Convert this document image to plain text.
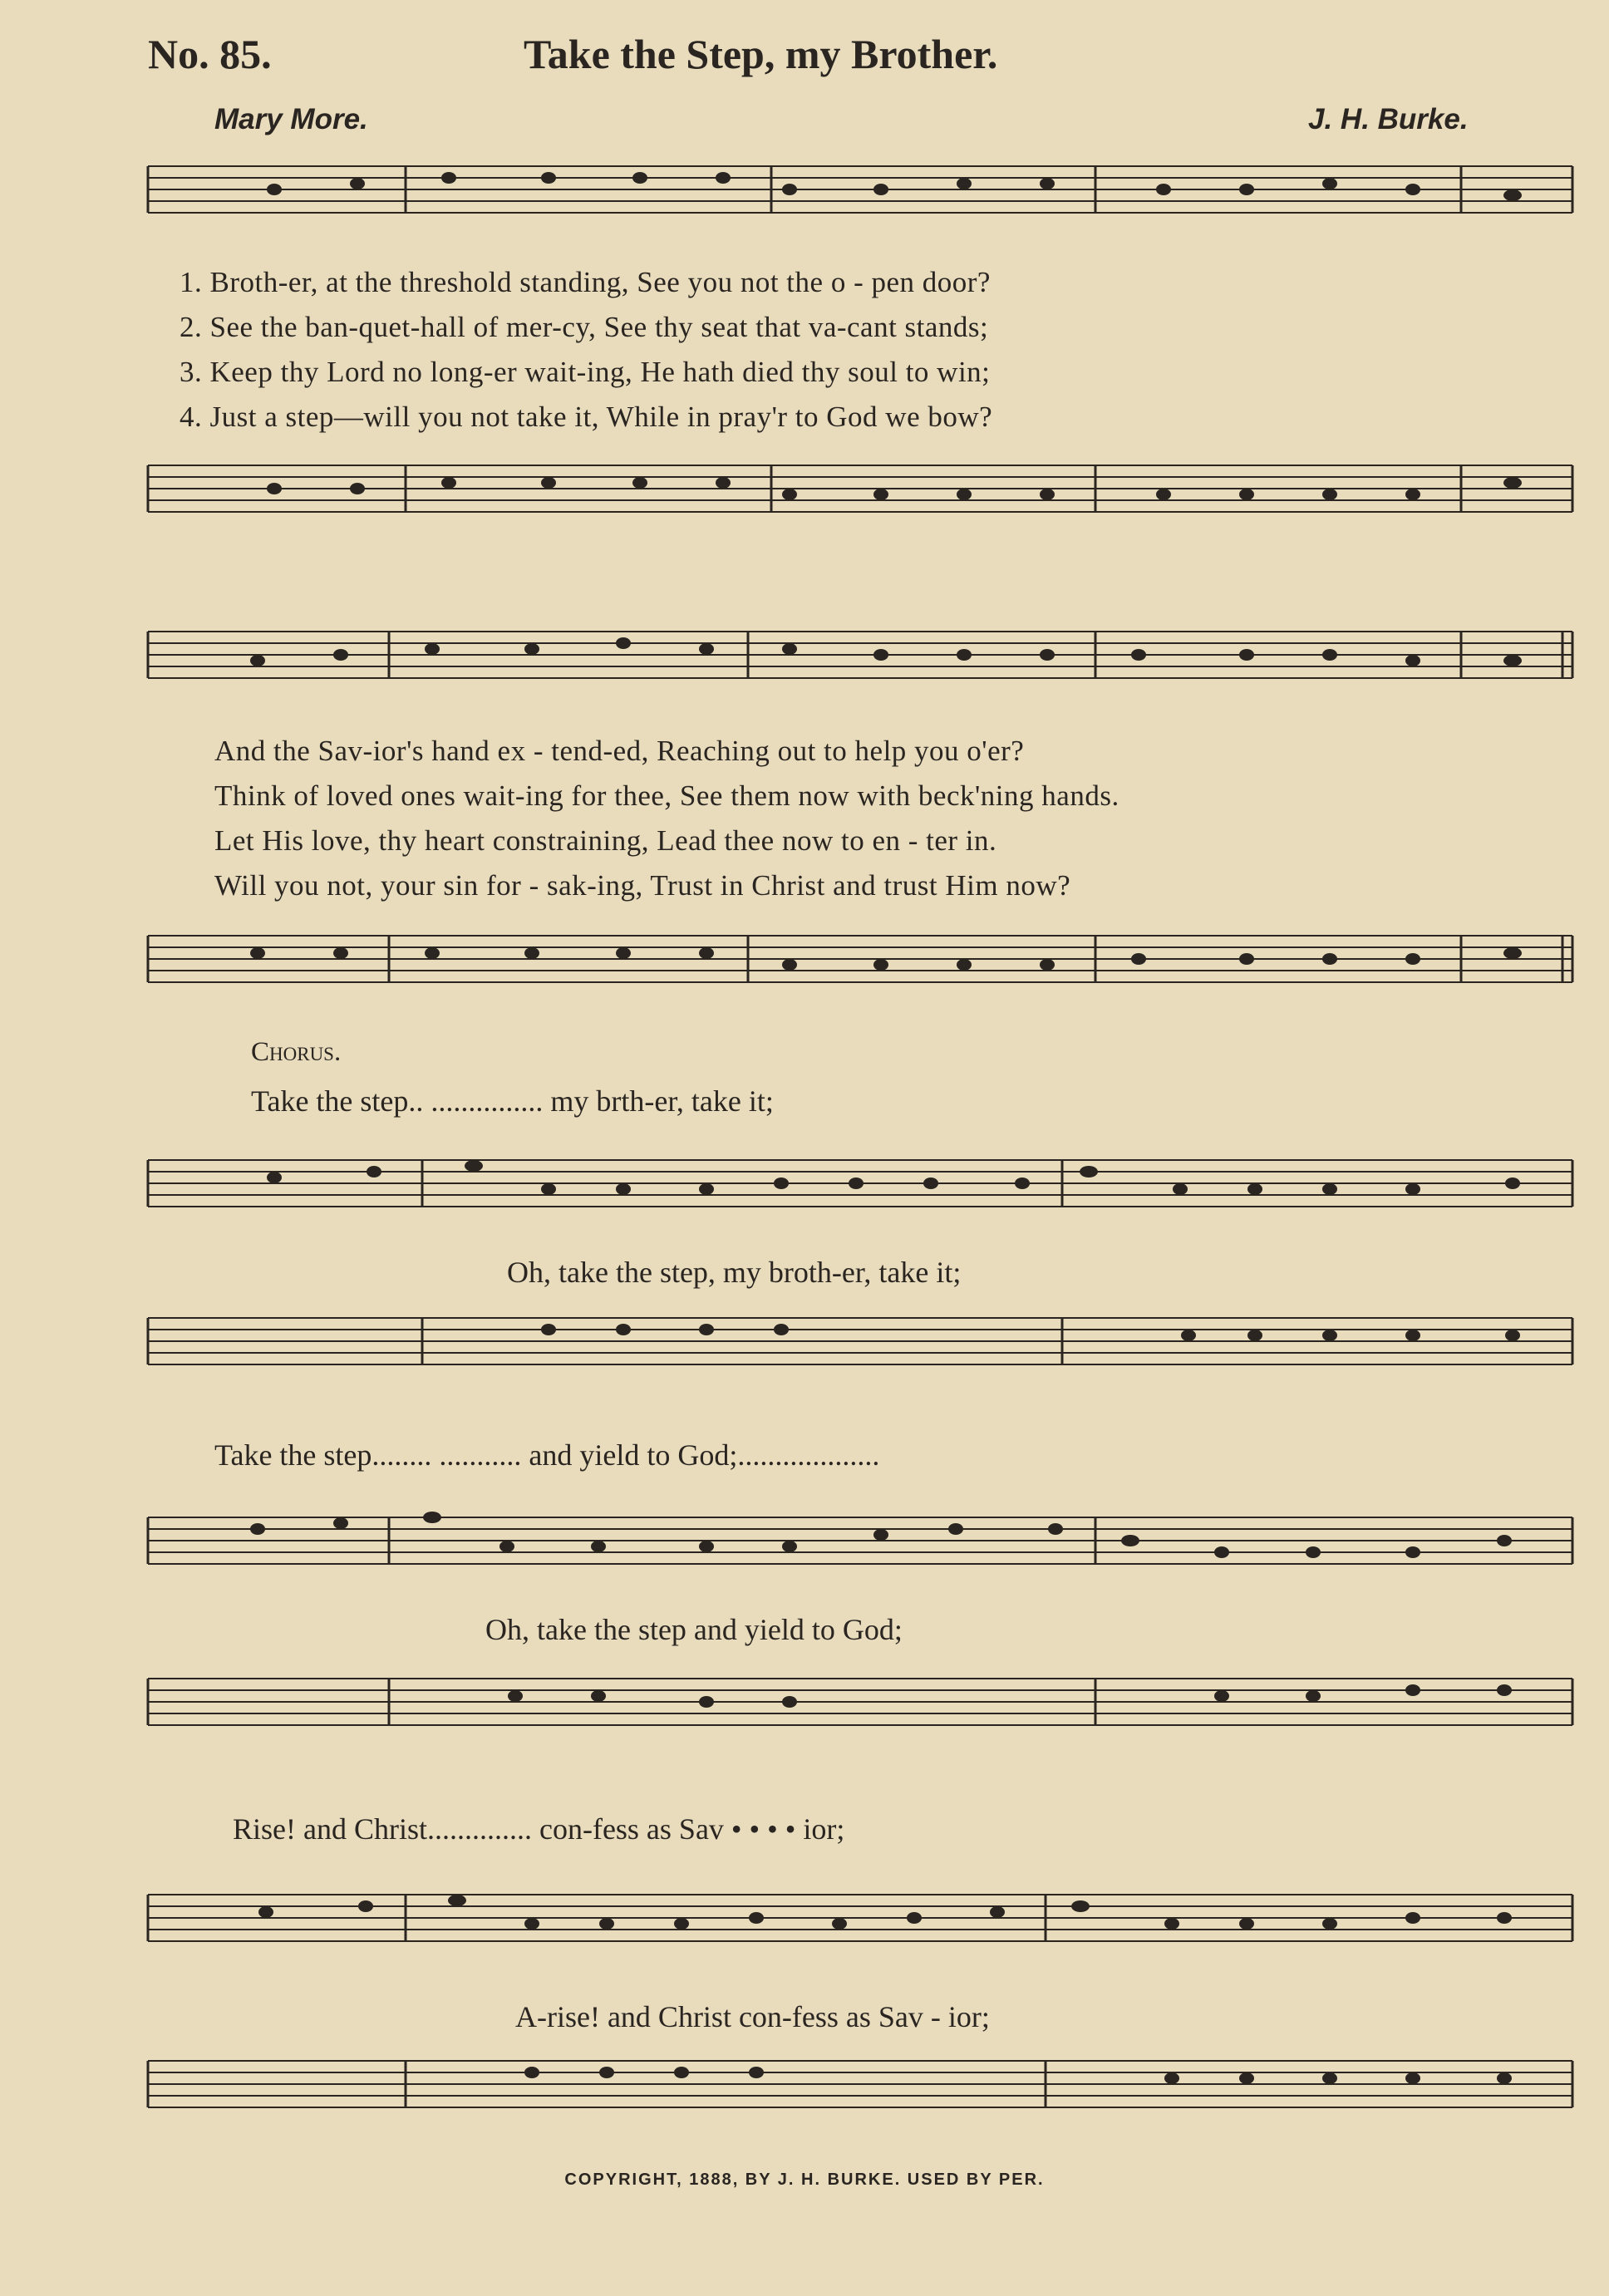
No. 85.	Take the Step, my Brother.
Mary More.	J. H. Burke.
1. Broth-er, at the threshold standing, See you not the o - pen door?
2. See the ban-quet-hall of mer-cy, See thy seat that va-cant stands;
3. Keep thy Lord no long-er wait-ing, He hath died thy soul to win;
4. Just a step—will you not take it, While in pray'r to God we bow?
And the Sav-ior's hand ex - tend-ed, Reaching out to help you o'er?
Think of loved ones wait-ing for thee, See them now with beck'ning hands.
Let His love, thy heart constraining, Lead thee now to en - ter in.
Will you not, your sin for - sak-ing, Trust in Christ and trust Him now?
Chorus.
Take the step.. ............... my brth-er, take it;
Oh, take the step, my broth-er, take it;
Take the step........ ........... and yield to God;...................
Oh, take the step and yield to God;
Rise! and Christ.............. con-fess as Sav • • • • ior;
A-rise! and Christ con-fess as Sav - ior;
COPYRIGHT, 1888, BY J. H. BURKE. USED BY PER.
